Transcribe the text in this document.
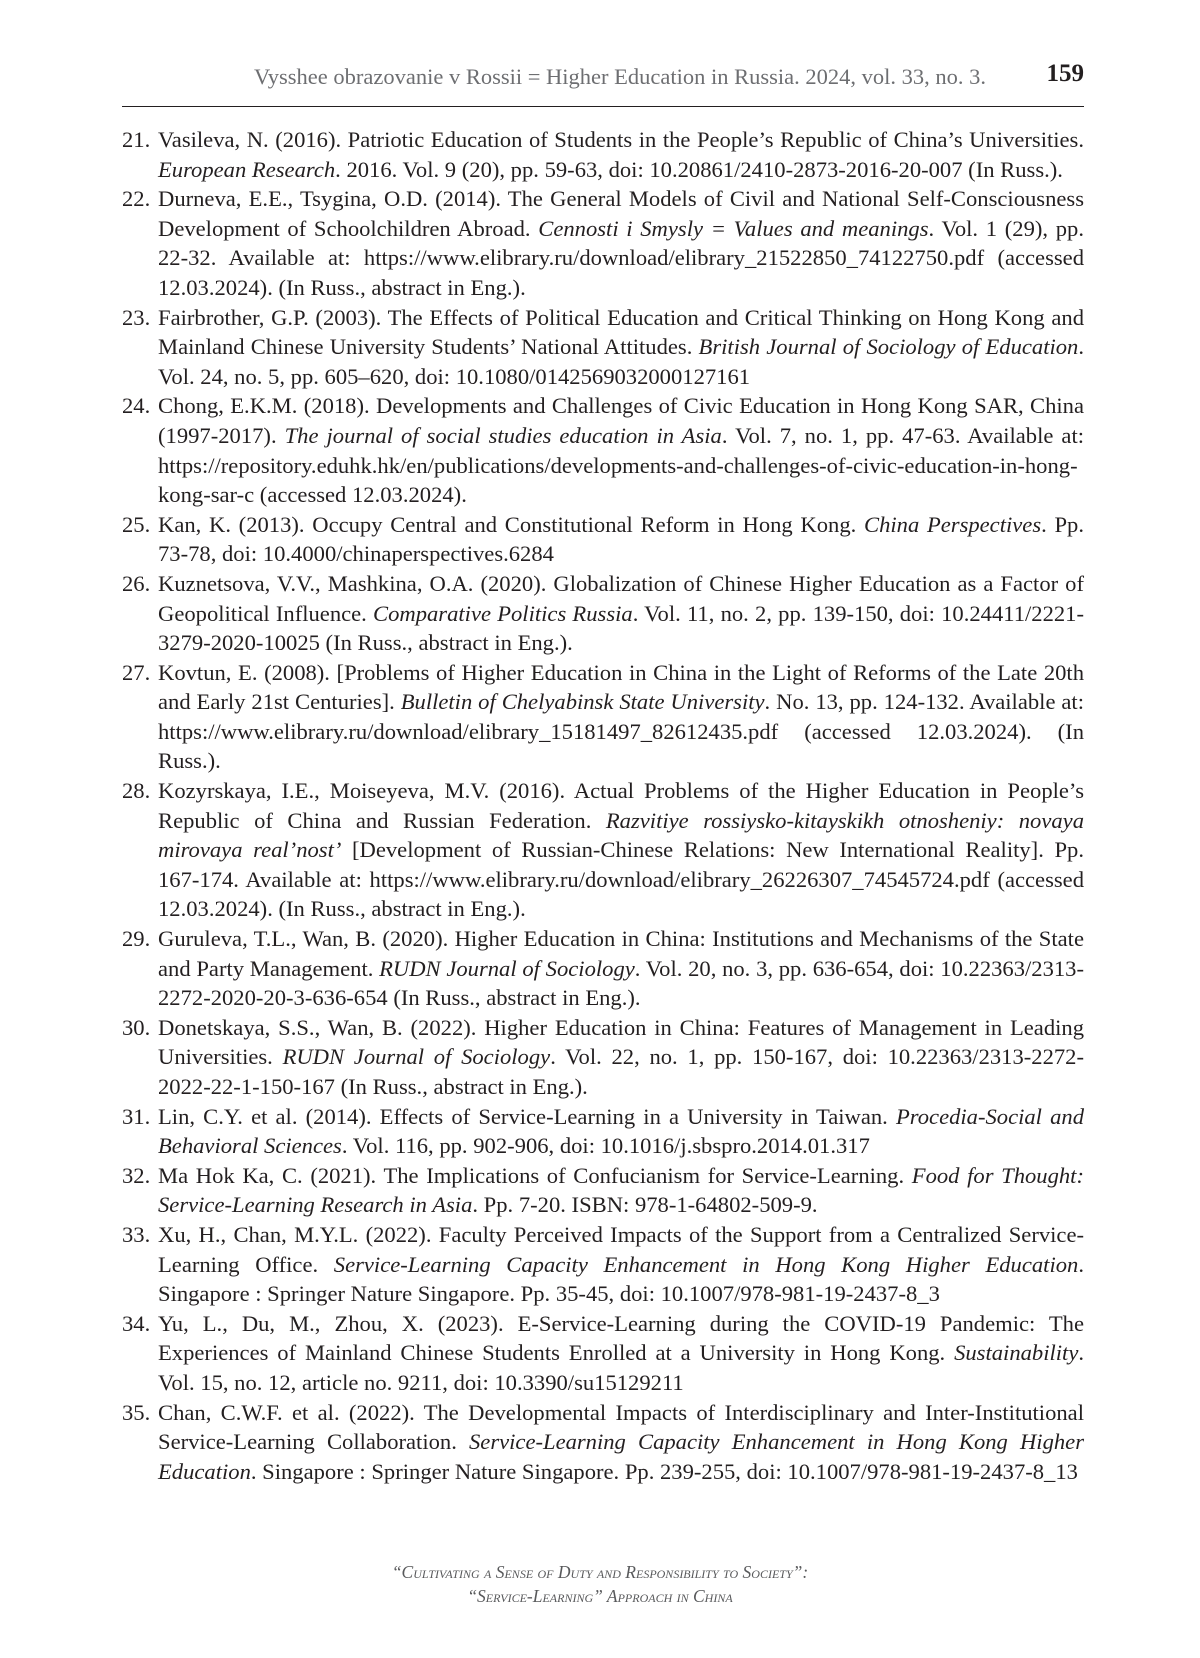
Vysshee obrazovanie v Rossii = Higher Education in Russia. 2024, vol. 33, no. 3. 159
21. Vasileva, N. (2016). Patriotic Education of Students in the People’s Republic of China’s Universities. European Research. 2016. Vol. 9 (20), pp. 59-63, doi: 10.20861/2410-2873-2016-20-007 (In Russ.).
22. Durneva, E.E., Tsygina, O.D. (2014). The General Models of Civil and National Self-Consciousness Development of Schoolchildren Abroad. Cennosti i Smysly = Values and meanings. Vol. 1 (29), pp. 22-32. Available at: https://www.elibrary.ru/download/elibrary_21522850_74122750.pdf (accessed 12.03.2024). (In Russ., abstract in Eng.).
23. Fairbrother, G.P. (2003). The Effects of Political Education and Critical Thinking on Hong Kong and Mainland Chinese University Students’ National Attitudes. British Journal of Sociology of Education. Vol. 24, no. 5, pp. 605–620, doi: 10.1080/0142569032000127161
24. Chong, E.K.M. (2018). Developments and Challenges of Civic Education in Hong Kong SAR, China (1997-2017). The journal of social studies education in Asia. Vol. 7, no. 1, pp. 47-63. Available at: https://repository.eduhk.hk/en/publications/developments-and-challenges-of-civic-education-in-hong-kong-sar-c (accessed 12.03.2024).
25. Kan, K. (2013). Occupy Central and Constitutional Reform in Hong Kong. China Perspectives. Pp. 73-78, doi: 10.4000/chinaperspectives.6284
26. Kuznetsova, V.V., Mashkina, O.A. (2020). Globalization of Chinese Higher Education as a Factor of Geopolitical Influence. Comparative Politics Russia. Vol. 11, no. 2, pp. 139-150, doi: 10.24411/2221-3279-2020-10025 (In Russ., abstract in Eng.).
27. Kovtun, E. (2008). [Problems of Higher Education in China in the Light of Reforms of the Late 20th and Early 21st Centuries]. Bulletin of Chelyabinsk State University. No. 13, pp. 124-132. Available at: https://www.elibrary.ru/download/elibrary_15181497_82612435.pdf (accessed 12.03.2024). (In Russ.).
28. Kozyrskaya, I.E., Moiseyeva, M.V. (2016). Actual Problems of the Higher Education in People’s Republic of China and Russian Federation. Razvitiye rossiysko-kitayskikh otnosheniy: novaya mirovaya real’nost’ [Development of Russian-Chinese Relations: New International Reality]. Pp. 167-174. Available at: https://www.elibrary.ru/download/elibrary_26226307_74545724.pdf (accessed 12.03.2024). (In Russ., abstract in Eng.).
29. Guruleva, T.L., Wan, B. (2020). Higher Education in China: Institutions and Mechanisms of the State and Party Management. RUDN Journal of Sociology. Vol. 20, no. 3, pp. 636-654, doi: 10.22363/2313-2272-2020-20-3-636-654 (In Russ., abstract in Eng.).
30. Donetskaya, S.S., Wan, B. (2022). Higher Education in China: Features of Management in Leading Universities. RUDN Journal of Sociology. Vol. 22, no. 1, pp. 150-167, doi: 10.22363/2313-2272-2022-22-1-150-167 (In Russ., abstract in Eng.).
31. Lin, C.Y. et al. (2014). Effects of Service-Learning in a University in Taiwan. Procedia-Social and Behavioral Sciences. Vol. 116, pp. 902-906, doi: 10.1016/j.sbspro.2014.01.317
32. Ma Hok Ka, C. (2021). The Implications of Confucianism for Service-Learning. Food for Thought: Service-Learning Research in Asia. Pp. 7-20. ISBN: 978-1-64802-509-9.
33. Xu, H., Chan, M.Y.L. (2022). Faculty Perceived Impacts of the Support from a Centralized Service-Learning Office. Service-Learning Capacity Enhancement in Hong Kong Higher Education. Singapore : Springer Nature Singapore. Pp. 35-45, doi: 10.1007/978-981-19-2437-8_3
34. Yu, L., Du, M., Zhou, X. (2023). E-Service-Learning during the COVID-19 Pandemic: The Experiences of Mainland Chinese Students Enrolled at a University in Hong Kong. Sustainability. Vol. 15, no. 12, article no. 9211, doi: 10.3390/su15129211
35. Chan, C.W.F. et al. (2022). The Developmental Impacts of Interdisciplinary and Inter-Institutional Service-Learning Collaboration. Service-Learning Capacity Enhancement in Hong Kong Higher Education. Singapore : Springer Nature Singapore. Pp. 239-255, doi: 10.1007/978-981-19-2437-8_13
“Cultivating a Sense of Duty and Responsibility to Society”:
“Service-Learning” Approach in China
